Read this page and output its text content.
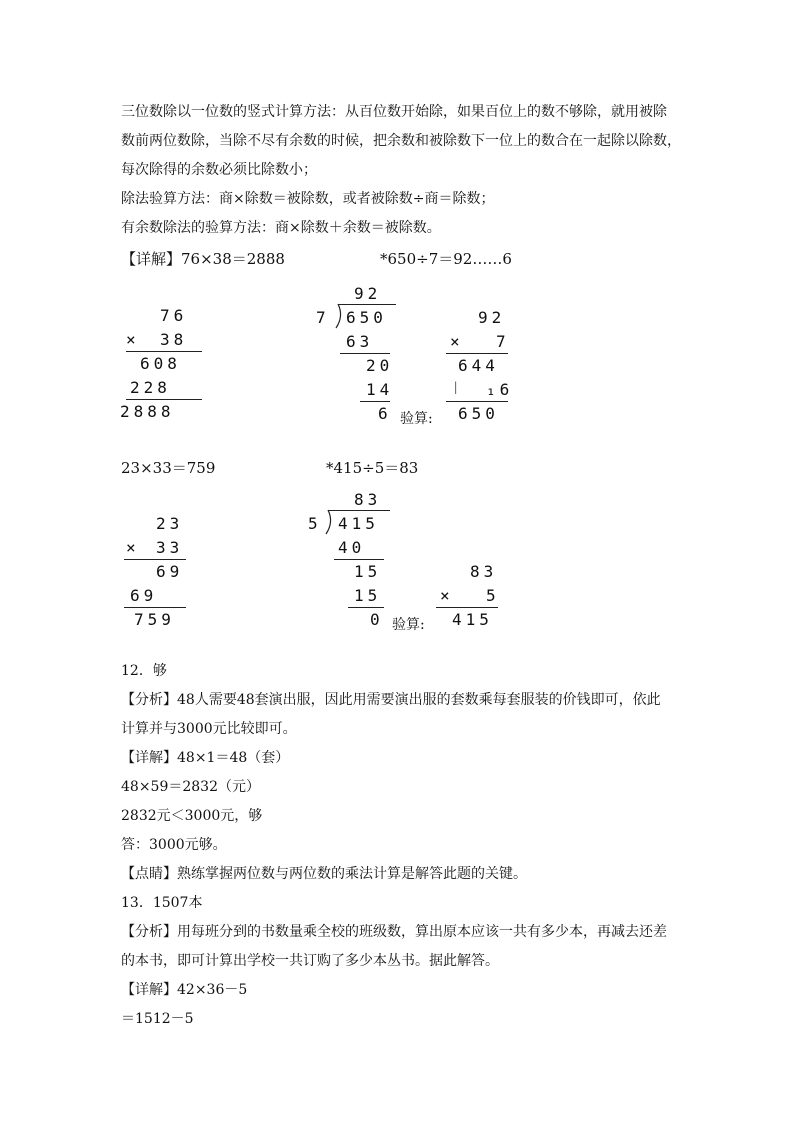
三位数除以一位数的竖式计算方法：从百位数开始除，如果百位上的数不够除，就用被除
数前两位数除，当除不尽有余数的时候，把余数和被除数下一位上的数合在一起除以除数，
每次除得的余数必须比除数小；
除法验算方法：商×除数＝被除数，或者被除数÷商＝除数；
有余数除法的验算方法：商×除数＋余数＝被除数。
【详解】76×38＝2888	*650÷7＝92……6
76
× 38
608
228
2888
92
7 650
63
20
14
6 验算:
92
× 7
644
| ₁6
650
23×33＝759	*415÷5＝83
23
× 33
69
69
759
83
5 415
40
15
15
0 验算:
83
× 5
415
12．够
【分析】48人需要48套演出服，因此用需要演出服的套数乘每套服装的价钱即可，依此
计算并与3000元比较即可。
【详解】48×1＝48（套）
48×59＝2832（元）
2832元＜3000元，够
答：3000元够。
【点睛】熟练掌握两位数与两位数的乘法计算是解答此题的关键。
13．1507本
【分析】用每班分到的书数量乘全校的班级数，算出原本应该一共有多少本，再减去还差
的本书，即可计算出学校一共订购了多少本丛书。据此解答。
【详解】42×36－5
＝1512－5
